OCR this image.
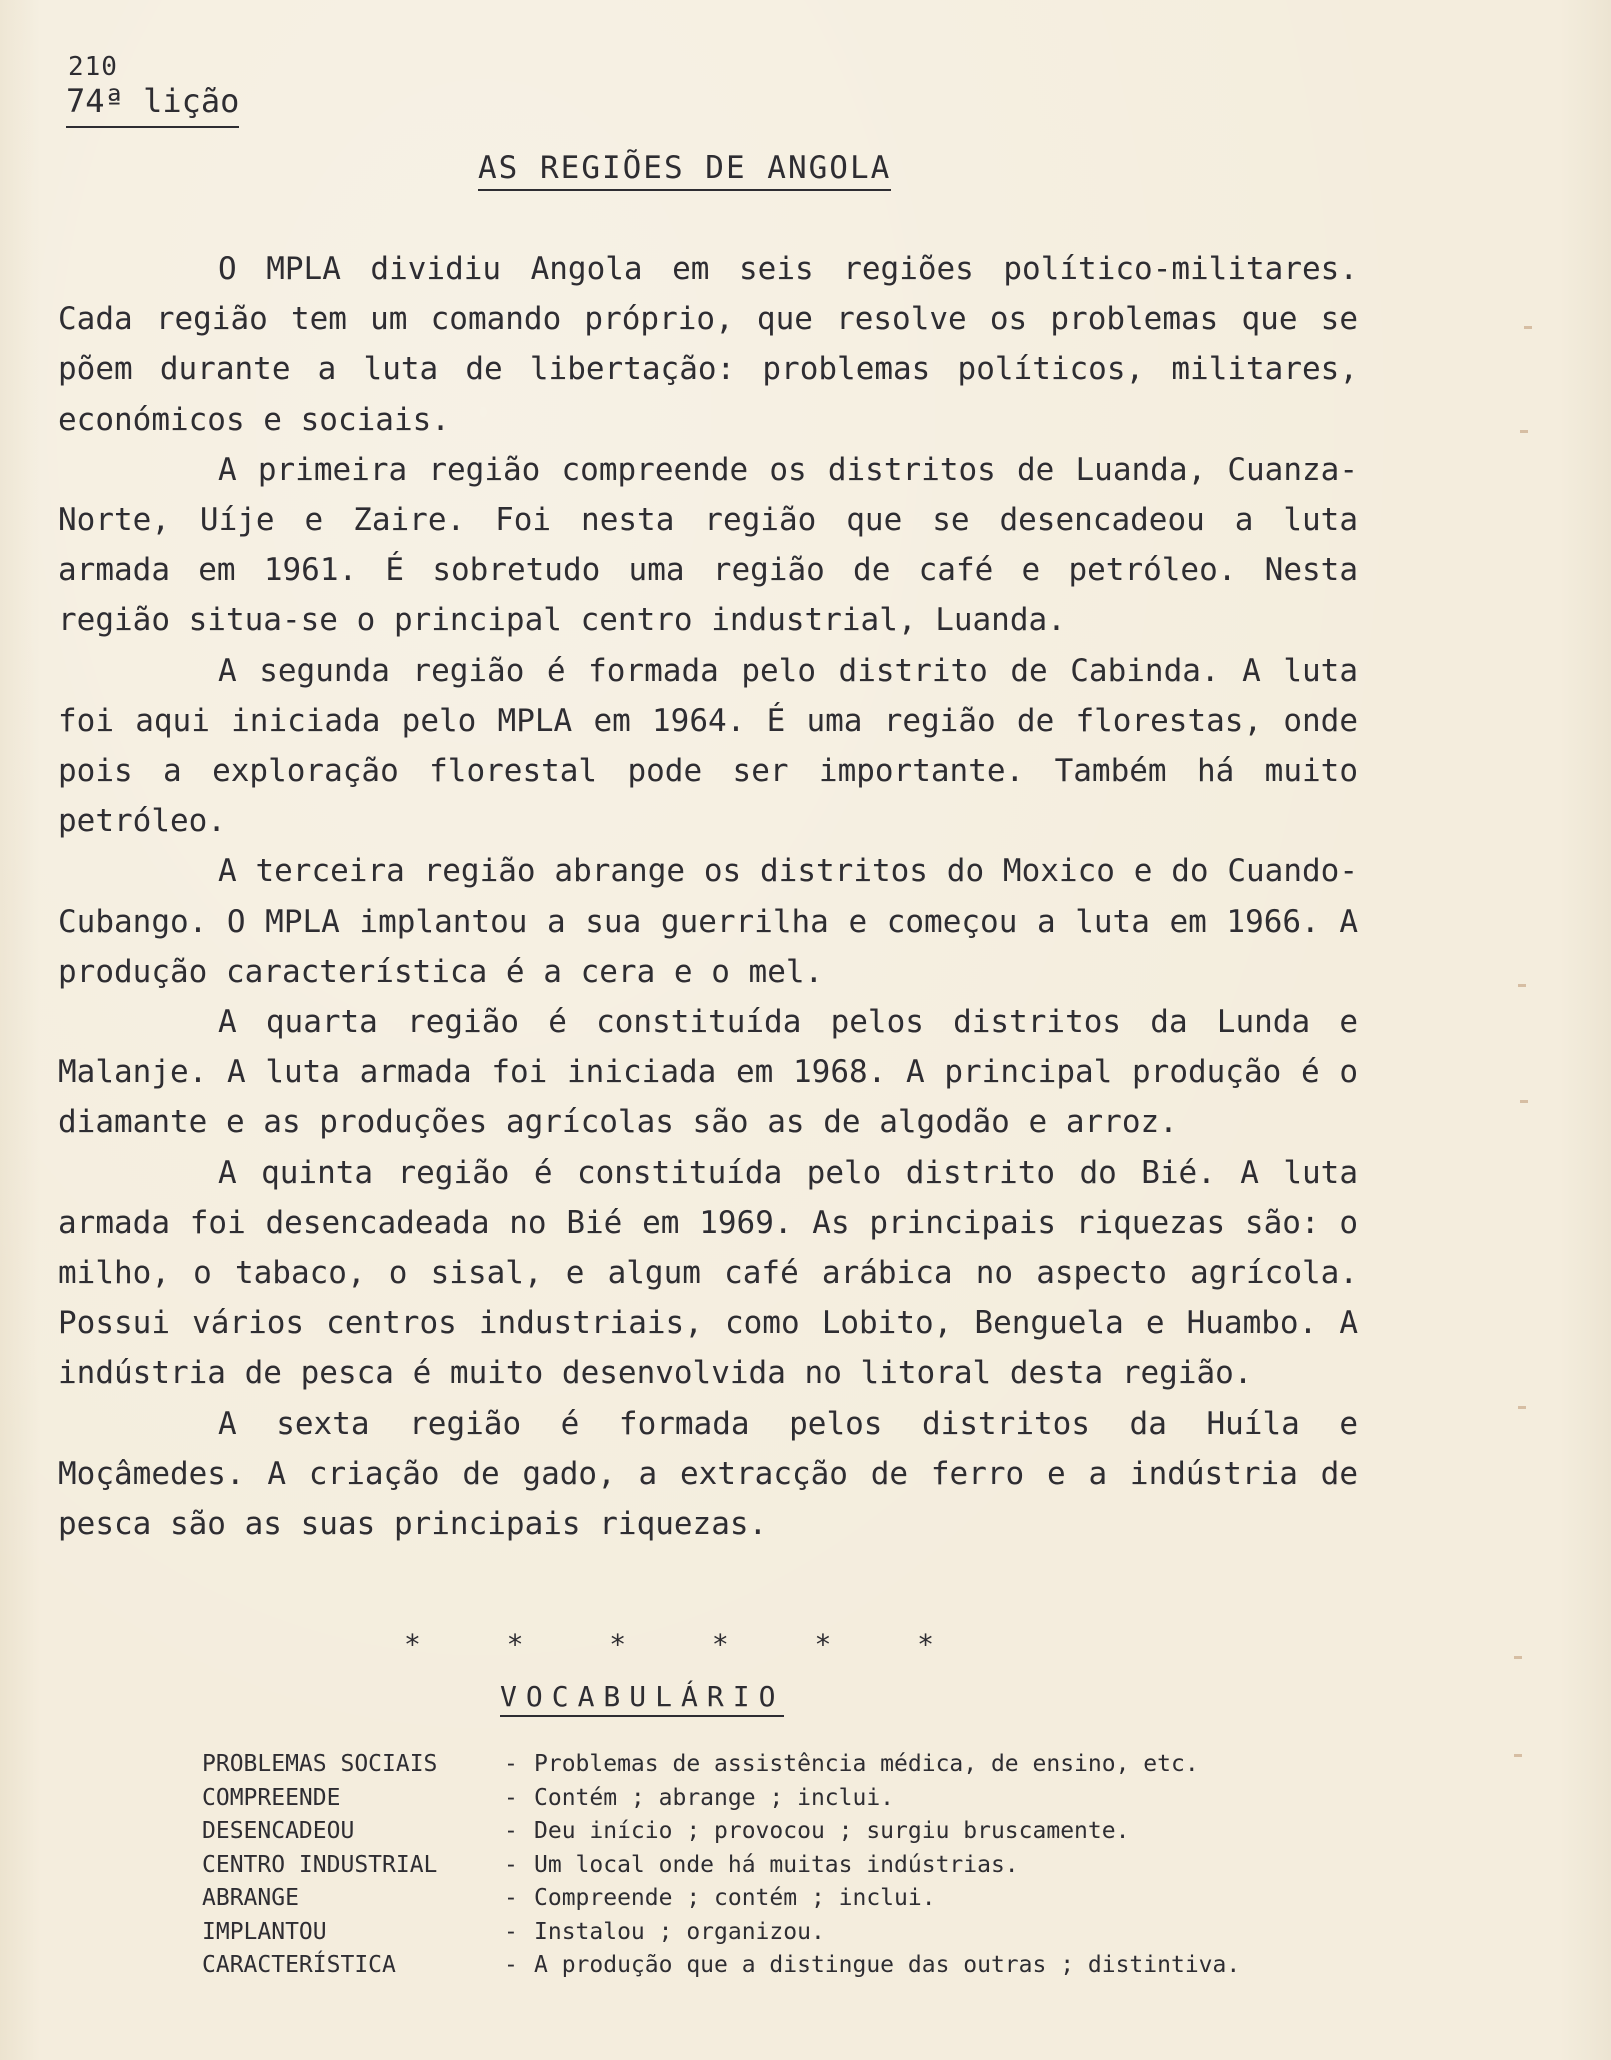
210
74ª lição
AS REGIÕES DE ANGOLA

O MPLA dividiu Angola em seis regiões político-militares. Cada região tem um comando próprio, que resolve os problemas que se põem durante a luta de libertação: problemas políticos, militares, económicos e sociais.

A primeira região compreende os distritos de Luanda, Cuanza-Norte, Uíje e Zaire. Foi nesta região que se desencadeou a luta armada em 1961. É sobretudo uma região de café e petróleo. Nesta região situa-se o principal centro industrial, Luanda.

A segunda região é formada pelo distrito de Cabinda. A luta foi aqui iniciada pelo MPLA em 1964. É uma região de florestas, onde pois a exploração florestal pode ser importante. Também há muito petróleo.

A terceira região abrange os distritos do Moxico e do Cuando-Cubango. O MPLA implantou a sua guerrilha e começou a luta em 1966. A produção característica é a cera e o mel.

A quarta região é constituída pelos distritos da Lunda e Malanje. A luta armada foi iniciada em 1968. A principal produção é o diamante e as produções agrícolas são as de algodão e arroz.

A quinta região é constituída pelo distrito do Bié. A luta armada foi desencadeada no Bié em 1969. As principais riquezas são: o milho, o tabaco, o sisal, e algum café arábica no aspecto agrícola. Possui vários centros industriais, como Lobito, Benguela e Huambo. A indústria de pesca é muito desenvolvida no litoral desta região.

A sexta região é formada pelos distritos da Huíla e Moçâmedes. A criação de gado, a extracção de ferro e a indústria de pesca são as suas principais riquezas.

*	*	*	*	*	*
VOCABULÁRIO
PROBLEMAS SOCIAIS	- Problemas de assistência médica, de ensino, etc.
COMPREENDE	- Contém ; abrange ; inclui.
DESENCADEOU	- Deu início ; provocou ; surgiu bruscamente.
CENTRO INDUSTRIAL	- Um local onde há muitas indústrias.
ABRANGE	- Compreende ; contém ; inclui.
IMPLANTOU	- Instalou ; organizou.
CARACTERÍSTICA	- A produção que a distingue das outras ; distintiva.
